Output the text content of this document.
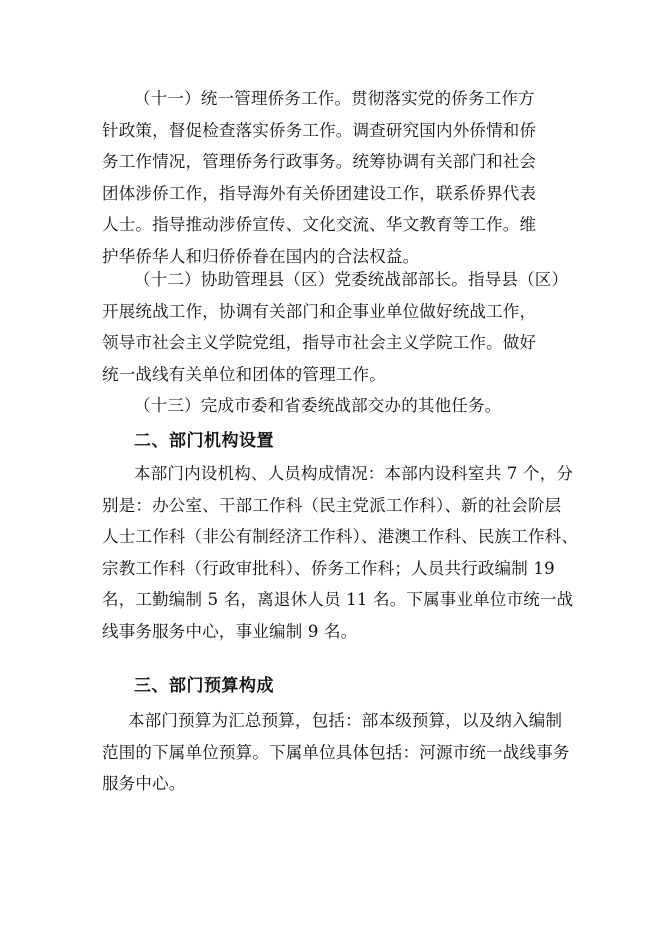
（十一）统一管理侨务工作。贯彻落实党的侨务工作方
针政策，督促检查落实侨务工作。调查研究国内外侨情和侨
务工作情况，管理侨务行政事务。统筹协调有关部门和社会
团体涉侨工作，指导海外有关侨团建设工作，联系侨界代表
人士。指导推动涉侨宣传、文化交流、华文教育等工作。维
护华侨华人和归侨侨眷在国内的合法权益。
（十二）协助管理县（区）党委统战部部长。指导县（区）
开展统战工作，协调有关部门和企事业单位做好统战工作，
领导市社会主义学院党组，指导市社会主义学院工作。做好
统一战线有关单位和团体的管理工作。
（十三）完成市委和省委统战部交办的其他任务。
二、部门机构设置
本部门内设机构、人员构成情况：本部内设科室共 7 个，分
别是：办公室、干部工作科（民主党派工作科）、新的社会阶层
人士工作科（非公有制经济工作科）、港澳工作科、民族工作科、
宗教工作科（行政审批科）、侨务工作科；人员共行政编制 19
名，工勤编制 5 名，离退休人员 11 名。下属事业单位市统一战
线事务服务中心，事业编制 9 名。
三、部门预算构成
本部门预算为汇总预算，包括：部本级预算，以及纳入编制
范围的下属单位预算。下属单位具体包括：河源市统一战线事务
服务中心。
